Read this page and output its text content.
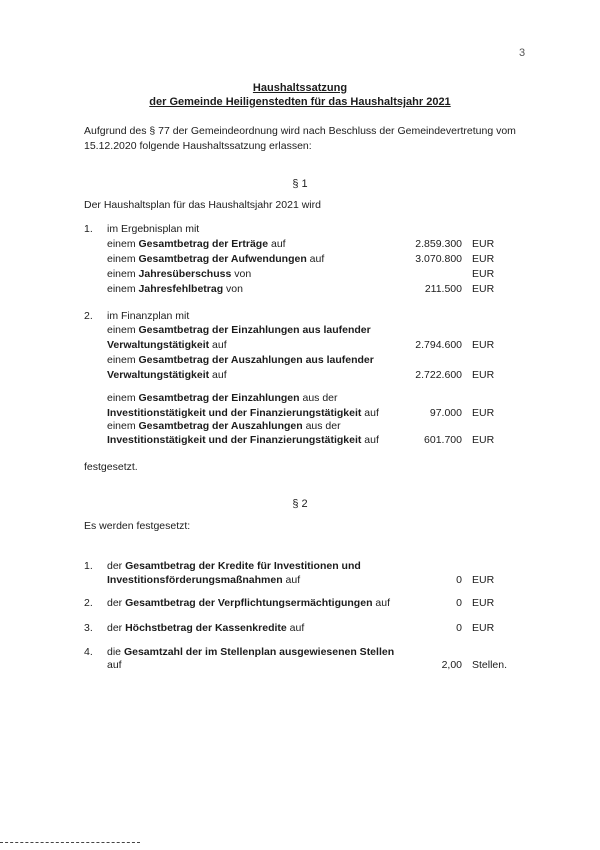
3
Haushaltssatzung
der Gemeinde Heiligenstedten für das Haushaltsjahr 2021
Aufgrund des § 77 der Gemeindeordnung wird nach Beschluss der Gemeindevertretung vom
15.12.2020 folgende Haushaltssatzung erlassen:
§ 1
Der Haushaltsplan für das Haushaltsjahr 2021 wird
1. im Ergebnisplan mit
einem Gesamtbetrag der Erträge auf	2.859.300 EUR
einem Gesamtbetrag der Aufwendungen auf	3.070.800 EUR
einem Jahresüberschuss von	EUR
einem Jahresfehlbetrag von	211.500 EUR
2. im Finanzplan mit
einem Gesamtbetrag der Einzahlungen aus laufender
Verwaltungstätigkeit auf	2.794.600 EUR
einem Gesamtbetrag der Auszahlungen aus laufender
Verwaltungstätigkeit auf	2.722.600 EUR
einem Gesamtbetrag der Einzahlungen aus der
Investitionstätigkeit und der Finanzierungstätigkeit auf	97.000 EUR
einem Gesamtbetrag der Auszahlungen aus der
Investitionstätigkeit und der Finanzierungstätigkeit auf	601.700 EUR
festgesetzt.
§ 2
Es werden festgesetzt:
1. der Gesamtbetrag der Kredite für Investitionen und
Investitionsförderungsmaßnahmen auf	0 EUR
2. der Gesamtbetrag der Verpflichtungsermächtigungen auf	0 EUR
3. der Höchstbetrag der Kassenkredite auf	0 EUR
4. die Gesamtzahl der im Stellenplan ausgewiesenen Stellen
auf	2,00 Stellen.
